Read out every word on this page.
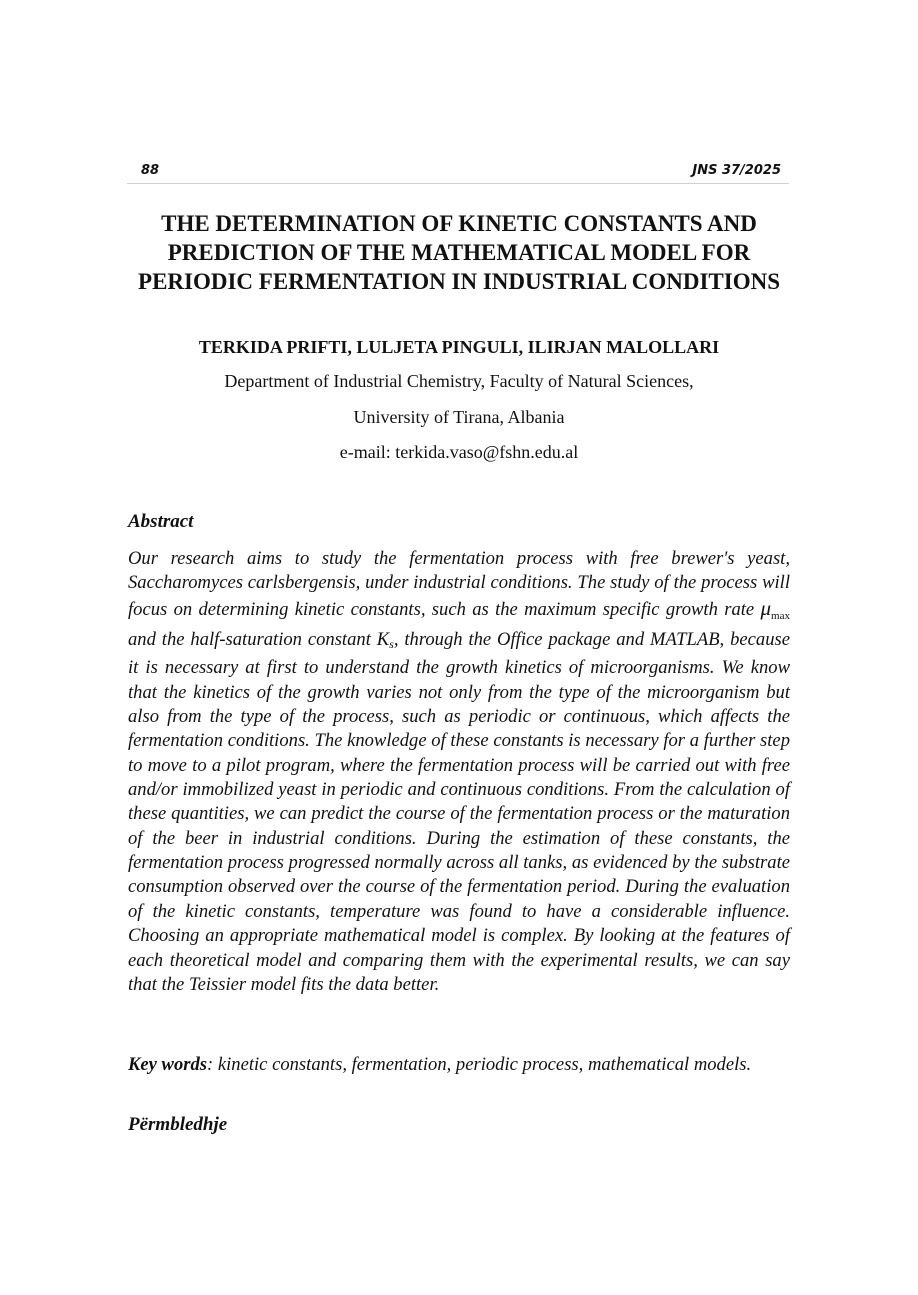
88	JNS 37/2025
THE DETERMINATION OF KINETIC CONSTANTS AND PREDICTION OF THE MATHEMATICAL MODEL FOR PERIODIC FERMENTATION IN INDUSTRIAL CONDITIONS
TERKIDA PRIFTI, LULJETA PINGULI, ILIRJAN MALOLLARI
Department of Industrial Chemistry, Faculty of Natural Sciences,
University of Tirana, Albania
e-mail: terkida.vaso@fshn.edu.al
Abstract

Our research aims to study the fermentation process with free brewer's yeast, Saccharomyces carlsbergensis, under industrial conditions. The study of the process will focus on determining kinetic constants, such as the maximum specific growth rate $\mu_{max}$ and the half-saturation constant Ks, through the Office package and MATLAB, because it is necessary at first to understand the growth kinetics of microorganisms. We know that the kinetics of the growth varies not only from the type of the microorganism but also from the type of the process, such as periodic or continuous, which affects the fermentation conditions. The knowledge of these constants is necessary for a further step to move to a pilot program, where the fermentation process will be carried out with free and/or immobilized yeast in periodic and continuous conditions. From the calculation of these quantities, we can predict the course of the fermentation process or the maturation of the beer in industrial conditions. During the estimation of these constants, the fermentation process progressed normally across all tanks, as evidenced by the substrate consumption observed over the course of the fermentation period. During the evaluation of the kinetic constants, temperature was found to have a considerable influence. Choosing an appropriate mathematical model is complex. By looking at the features of each theoretical model and comparing them with the experimental results, we can say that the Teissier model fits the data better.

Key words: kinetic constants, fermentation, periodic process, mathematical models.

Përmbledhje
